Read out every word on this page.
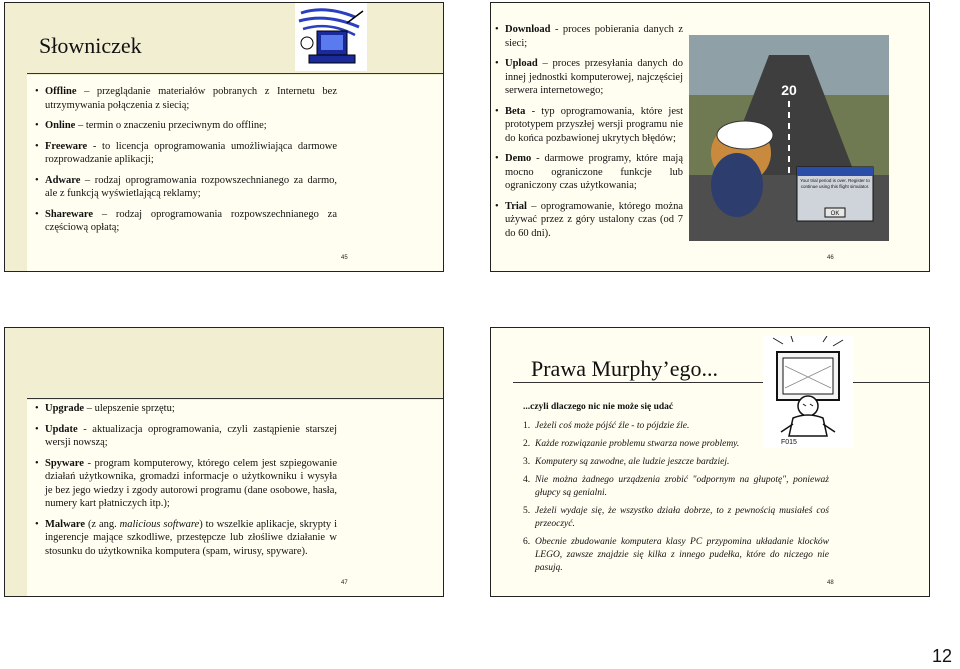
Słowniczek
• Offline – przeglądanie materiałów pobranych z Internetu bez utrzymywania połączenia z siecią;
• Online – termin o znaczeniu przeciwnym do offline;
• Freeware - to licencja oprogramowania umożliwiająca darmowe rozprowadzanie aplikacji;
• Adware – rodzaj oprogramowania rozpowszechnianego za darmo, ale z funkcją wyświetlającą reklamy;
• Shareware – rodzaj oprogramowania rozpowszechnianego za częściową opłatą;
45
• Download - proces pobierania danych z sieci;
• Upload – proces przesyłania danych do innej jednostki komputerowej, najczęściej serwera internetowego;
• Beta - typ oprogramowania, które jest prototypem przyszłej wersji programu nie do końca pozbawionej ukrytych błędów;
• Demo - darmowe programy, które mają mocno ograniczone funkcje lub ograniczony czas użytkowania;
• Trial – oprogramowanie, którego można używać przez z góry ustalony czas (od 7 do 60 dni).
20
Your trial period is over. Register to continue using this flight simulator.
OK
46
• Upgrade – ulepszenie sprzętu;
• Update - aktualizacja oprogramowania, czyli zastąpienie starszej wersji nowszą;
• Spyware - program komputerowy, którego celem jest szpiegowanie działań użytkownika, gromadzi informacje o użytkowniku i wysyła je bez jego wiedzy i zgody autorowi programu (dane osobowe, hasła, numery kart płatniczych itp.);
• Malware (z ang. malicious software) to wszelkie aplikacje, skrypty i ingerencje mające szkodliwe, przestępcze lub złośliwe działanie w stosunku do użytkownika komputera (spam, wirusy, spyware).
47
Prawa Murphy’ego...
F015
...czyli dlaczego nic nie może się udać
1. Jeżeli coś może pójść źle - to pójdzie źle.
2. Każde rozwiązanie problemu stwarza nowe problemy.
3. Komputery są zawodne, ale ludzie jeszcze bardziej.
4. Nie można żadnego urządzenia zrobić "odpornym na głupotę", ponieważ głupcy są genialni.
5. Jeżeli wydaje się, że wszystko działa dobrze, to z pewnością musiałeś coś przeoczyć.
6. Obecnie zbudowanie komputera klasy PC przypomina układanie klocków LEGO, zawsze znajdzie się kilka z innego pudełka, które do niczego nie pasują.
48
12
